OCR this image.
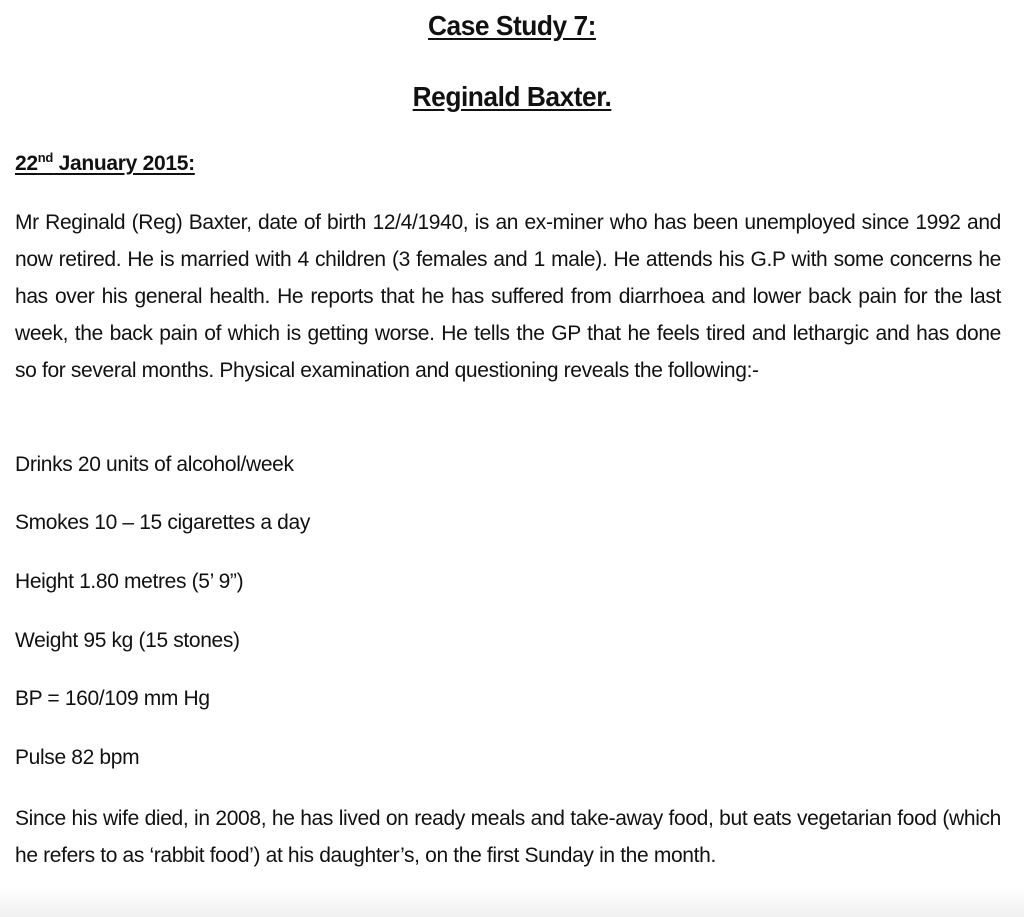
Case Study 7:
Reginald Baxter.
22nd January 2015:

Mr Reginald (Reg) Baxter, date of birth 12/4/1940, is an ex-miner who has been unemployed since 1992 and now retired. He is married with 4 children (3 females and 1 male). He attends his G.P with some concerns he has over his general health. He reports that he has suffered from diarrhoea and lower back pain for the last week, the back pain of which is getting worse. He tells the GP that he feels tired and lethargic and has done so for several months. Physical examination and questioning reveals the following:-

Drinks 20 units of alcohol/week

Smokes 10 – 15 cigarettes a day

Height 1.80 metres (5’ 9”)

Weight 95 kg (15 stones)

BP = 160/109 mm Hg

Pulse 82 bpm

Since his wife died, in 2008, he has lived on ready meals and take-away food, but eats vegetarian food (which he refers to as ‘rabbit food’) at his daughter’s, on the first Sunday in the month.
